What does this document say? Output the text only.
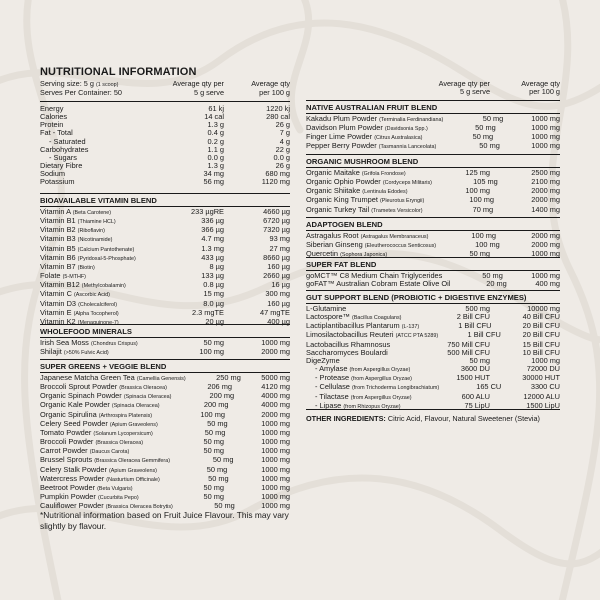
NUTRITIONAL INFORMATION
Serving size: 5 g (1 scoop)	Average qty per	Average qty
Serves Per Container: 50	5 g serve	per 100 g
Energy	61 kj	1220 kj
Calories	14 cal	280 cal
Protein	1.3 g	26 g
Fat - Total	0.4 g	7 g
- Saturated	0.2 g	4 g
Carbohydrates	1.1 g	22 g
- Sugars	0.0 g	0.0 g
Dietary Fibre	1.3 g	26 g
Sodium	34 mg	680 mg
Potassium	56 mg	1120 mg
BIOAVAILABLE VITAMIN BLEND
Vitamin A (Beta Carotene)	233 µgRE	4660 µg
Vitamin B1 (Thiamine HCL)	336 µg	6720 µg
Vitamin B2 (Riboflavin)	366 µg	7320 µg
Vitamin B3 (Nicotinamide)	4.7 mg	93 mg
Vitamin B5 (Calcium Pantothenate)	1.3 mg	27 mg
Vitamin B6 (Pyridoxal-5-Phosphate)	433 µg	8660 µg
Vitamin B7 (Biotin)	8 µg	160 µg
Folate (5-MTHF)	133 µg	2660 µg
Vitamin B12 (Methylcobalamin)	0.8 µg	16 µg
Vitamin C (Ascorbic Acid)	15 mg	300 mg
Vitamin D3 (Cholecalciferol)	8.0 µg	160 µg
Vitamin E (Alpha Tocopherol)	2.3 mgTE	47 mgTE
Vitamin K2 (Menaquinone-7)	20 µg	400 µg
WHOLEFOOD MINERALS
Irish Sea Moss (Chondrus Crispus)	50 mg	1000 mg
Shilajit (>50% Fulvic Acid)	100 mg	2000 mg
SUPER GREENS + VEGGIE BLEND
Japanese Matcha Green Tea (Camellia Genensis)	250 mg	5000 mg
Broccoli Sprout Powder (Brassica Oleracea)	206 mg	4120 mg
Organic Spinach Powder (Spinacia Oleracea)	200 mg	4000 mg
Organic Kale Powder (Spinacia Oleracea)	200 mg	4000 mg
Organic Spirulina (Arthrospira Platensis)	100 mg	2000 mg
Celery Seed Powder (Apium Graveolens)	50 mg	1000 mg
Tomato Powder (Solanum Lycopersicum)	50 mg	1000 mg
Broccoli Powder (Brassica Oleracea)	50 mg	1000 mg
Carrot Powder (Daucus Carota)	50 mg	1000 mg
Brussel Sprouts (Brassica Oleracea Gemmifera)	50 mg	1000 mg
Celery Stalk Powder (Apium Graveolens)	50 mg	1000 mg
Watercress Powder (Nasturtium Officinale)	50 mg	1000 mg
Beetroot Powder (Beta Vulgaris)	50 mg	1000 mg
Pumpkin Powder (Cucurbita Pepo)	50 mg	1000 mg
Cauliflower Powder (Brassica Oleracea Botrytis)	50 mg	1000 mg
*Nutritional information based on Fruit Juice Flavour. This may vary slightly by flavour.
Average qty per
5 g serve
Average qty
per 100 g
NATIVE AUSTRALIAN FRUIT BLEND
Kakadu Plum Powder (Terminalia Ferdinandiana)	50 mg	1000 mg
Davidson Plum Powder (Davidsonia Spp.)	50 mg	1000 mg
Finger Lime Powder (Citrus Australasica)	50 mg	1000 mg
Pepper Berry Powder (Tasmannia Lanceolata)	50 mg	1000 mg
ORGANIC MUSHROOM BLEND
Organic Maitake (Grifola Frondose)	125 mg	2500 mg
Organic Ophio Powder (Cordyceps Militaris)	105 mg	2100 mg
Organic Shiitake (Lentinula Edodes)	100 mg	2000 mg
Organic King Trumpet (Pleurotus Eryngii)	100 mg	2000 mg
Organic Turkey Tail (Trametes Versicolor)	70 mg	1400 mg
ADAPTOGEN BLEND
Astragalus Root (Astragalus Membranaceus)	100 mg	2000 mg
Siberian Ginseng (Eleutherococcus Senticosus)	100 mg	2000 mg
Quercetin (Sophora Japonica)	50 mg	1000 mg
SUPER FAT BLEND
goMCT™ C8 Medium Chain Triglycerides	50 mg	1000 mg
goFAT™ Australian Cobram Estate Olive Oil	20 mg	400 mg
GUT SUPPORT BLEND (PROBIOTIC + DIGESTIVE ENZYMES)
L-Glutamine	500 mg	10000 mg
Lactospore™ (Bacillus Coagulans)	2 Bill CFU	40 Bill CFU
Lactiplantibacillus Plantarum (L-137)	1 Bill CFU	20 Bill CFU
Limosilactobacillus Reuteri (ATCC PTA 5289)	1 Bill CFU	20 Bill CFU
Lactobacillus Rhamnosus	750 Mill CFU	15 Bill CFU
Saccharomyces Boulardi	500 Mill CFU	10 Bill CFU
DigeZyme	50 mg	1000 mg
- Amylase (from Aspergillus Oryzae)	3600 DU	72000 DU
- Protease (from Aspergillus Oryzae)	1500 HUT	30000 HUT
- Cellulase (from Trichoderma Longibrachiatum)	165 CU	3300 CU
- Tilactase (from Aspergillus Oryzae)	600 ALU	12000 ALU
- Lipase (from Rhizopus Oryzae)	75 LipU	1500 LipU
OTHER INGREDIENTS: Citric Acid, Flavour, Natural Sweetener (Stevia)
